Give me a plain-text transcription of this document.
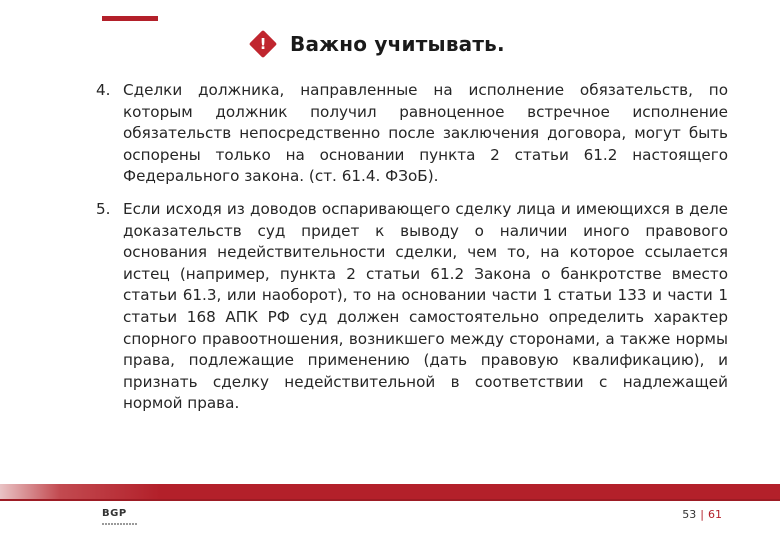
!	Важно учитывать.
4. Сделки должника, направленные на исполнение обязательств, по которым должник получил равноценное встречное исполнение обязательств непосредственно после заключения договора, могут быть оспорены только на основании пункта 2 статьи 61.2 настоящего Федерального закона. (ст. 61.4. ФЗоБ).
5. Если исходя из доводов оспаривающего сделку лица и имеющихся в деле доказательств суд придет к выводу о наличии иного правового основания недействительности сделки, чем то, на которое ссылается истец (например, пункта 2 статьи 61.2 Закона о банкротстве вместо статьи 61.3, или наоборот), то на основании части 1 статьи 133 и части 1 статьи 168 АПК РФ суд должен самостоятельно определить характер спорного правоотношения, возникшего между сторонами, а также нормы права, подлежащие применению (дать правовую квалификацию), и признать сделку недействительной в соответствии с надлежащей нормой права.
BGP	53 | 61
